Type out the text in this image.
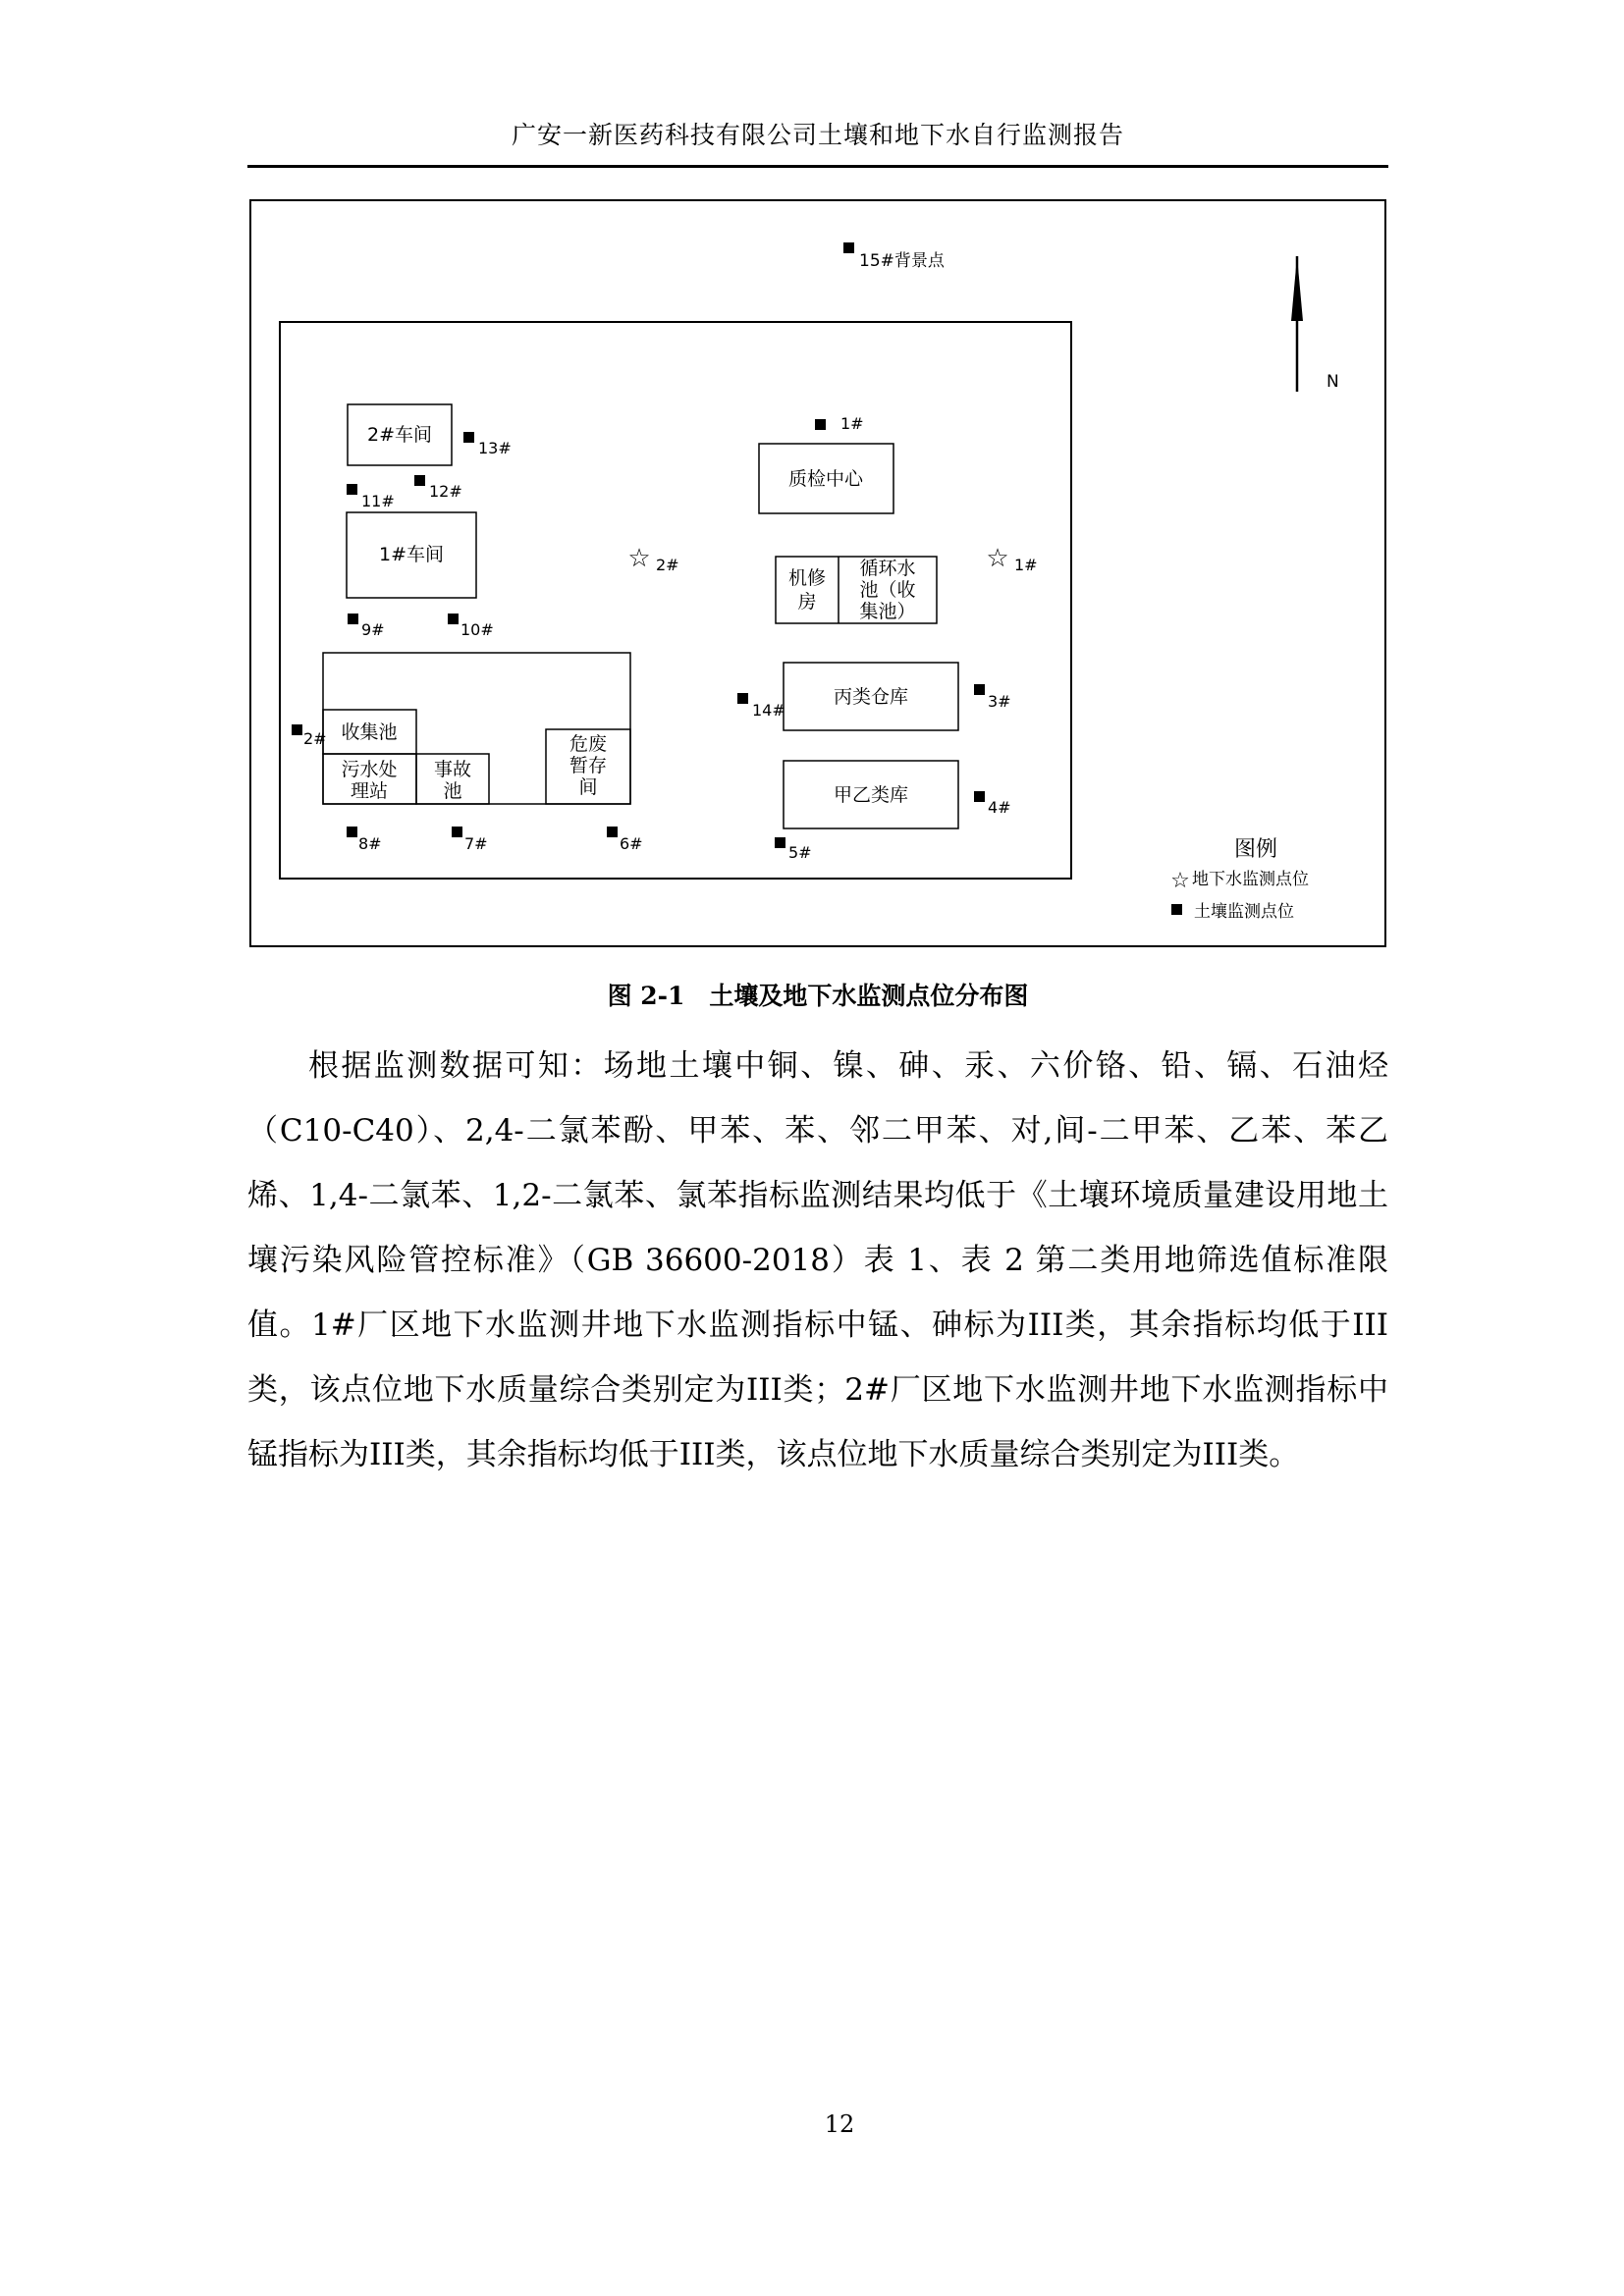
广安一新医药科技有限公司土壤和地下水自行监测报告
2#车间
1#车间
质检中心
机修
房
循环水
池（收
集池）
丙类仓库
甲乙类库
收集池
污水处
理站
事故
池
危废
暂存
间
15#背景点
1#
13#
11#
12#
9#	10#
2#
14#	3#
4#
8#	7#	6#	5#
☆ 2#	☆ 1#
N
图例
☆ 地下水监测点位
土壤监测点位
图 2-1　土壤及地下水监测点位分布图
根据监测数据可知：场地土壤中铜、镍、砷、汞、六价铬、铅、镉、石油烃（C10-C40）、2,4-二氯苯酚、甲苯、苯、邻二甲苯、对,间-二甲苯、乙苯、苯乙烯、1,4-二氯苯、1,2-二氯苯、氯苯指标监测结果均低于《土壤环境质量建设用地土壤污染风险管控标准》（GB 36600-2018）表 1、表 2 第二类用地筛选值标准限值。1#厂区地下水监测井地下水监测指标中锰、砷标为III类，其余指标均低于III类，该点位地下水质量综合类别定为III类；2#厂区地下水监测井地下水监测指标中锰指标为III类，其余指标均低于III类，该点位地下水质量综合类别定为III类。
12
